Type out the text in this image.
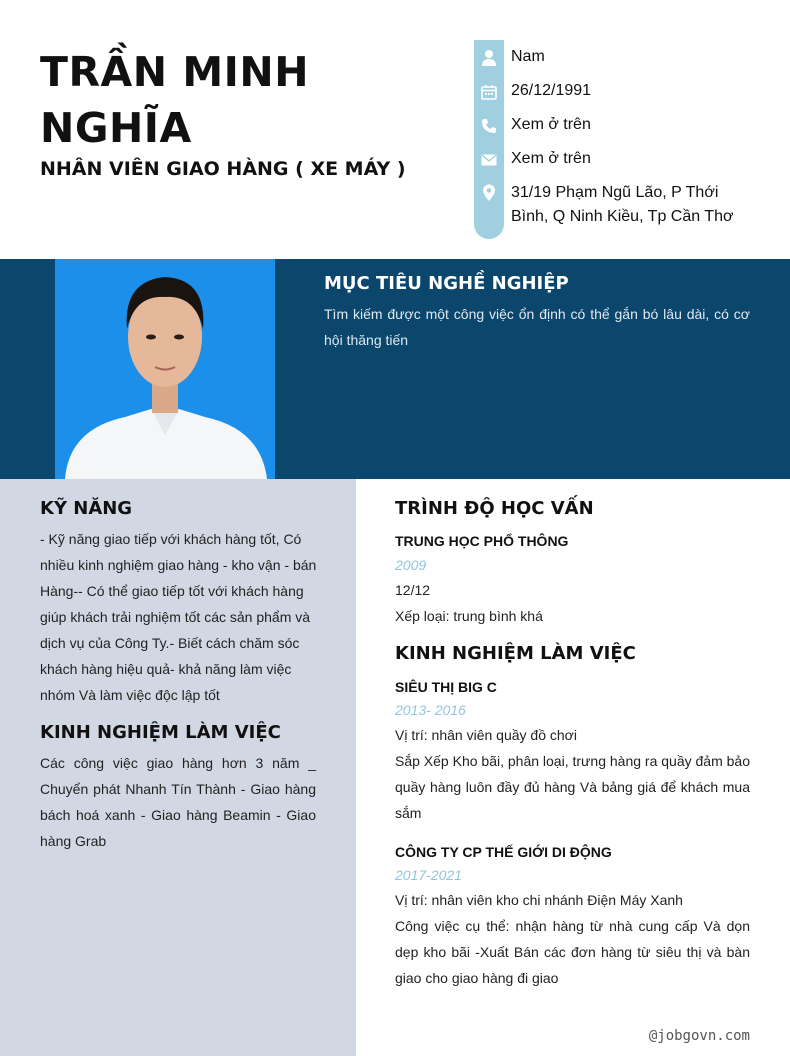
TRẦN MINH NGHĨA
NHÂN VIÊN GIAO HÀNG ( XE MÁY )
Nam
26/12/1991
Xem ở trên
Xem ở trên
31/19 Phạm Ngũ Lão, P Thới Bình, Q Ninh Kiều, Tp Cần Thơ
MỤC TIÊU NGHỀ NGHIỆP
Tìm kiếm được một công việc ổn định có thể gắn bó lâu dài, có cơ hội thăng tiến
KỸ NĂNG
- Kỹ năng giao tiếp với khách hàng tốt, Có nhiều kinh nghiệm giao hàng - kho vận - bán Hàng-- Có thể giao tiếp tốt với khách hàng giúp khách trải nghiệm tốt các sản phẩm và dịch vụ của Công Ty.- Biết cách chăm sóc khách hàng hiệu quả- khả năng làm việc nhóm Và làm việc độc lập tốt
KINH NGHIỆM LÀM VIỆC
Các công việc giao hàng hơn 3 năm _ Chuyển phát Nhanh Tín Thành - Giao hàng bách hoá xanh - Giao hàng Beamin - Giao hàng Grab
TRÌNH ĐỘ HỌC VẤN
TRUNG HỌC PHỔ THÔNG
2009
12/12
Xếp loại: trung bình khá
KINH NGHIỆM LÀM VIỆC
SIÊU THỊ BIG C
2013- 2016
Vị trí: nhân viên quầy đồ chơi
Sắp Xếp Kho bãi, phân loại, trưng hàng ra quầy đảm bảo quầy hàng luôn đầy đủ hàng Và bảng giá để khách mua sắm
CÔNG TY CP THẾ GIỚI DI ĐỘNG
2017-2021
Vị trí: nhân viên kho chi nhánh Điện Máy Xanh
Công việc cụ thể: nhận hàng từ nhà cung cấp Và dọn dẹp kho bãi -Xuất Bán các đơn hàng từ siêu thị và bàn giao cho giao hàng đi giao
@jobgovn.com
